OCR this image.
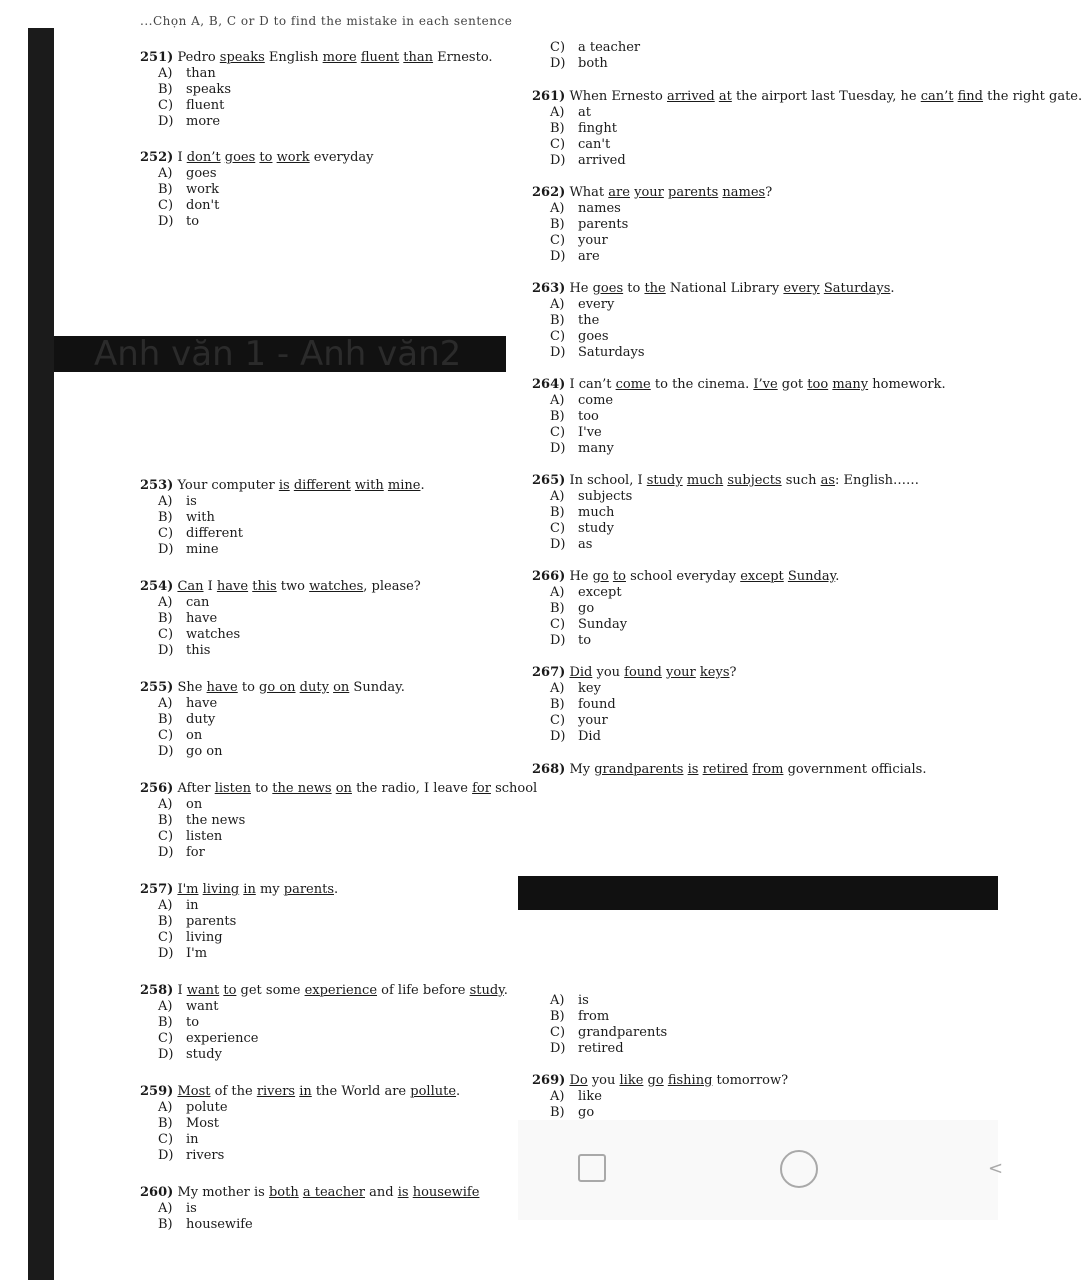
...Chọn A, B, C or D to find the mistake in each sentence
Anh văn 1 - Anh văn2
251) Pedro speaks English more fluent than Ernesto.
A) than
B) speaks
C) fluent
D) more
252) I don’t goes to work everyday
A) goes
B) work
C) don't
D) to
253) Your computer is different with mine.
A) is
B) with
C) different
D) mine
254) Can I have this two watches, please?
A) can
B) have
C) watches
D) this
255) She have to go on duty on Sunday.
A) have
B) duty
C) on
D) go on
256) After listen to the news on the radio, I leave for school
A) on
B) the news
C) listen
D) for
257) I'm living in my parents.
A) in
B) parents
C) living
D) I'm
258) I want to get some experience of life before study.
A) want
B) to
C) experience
D) study
259) Most of the rivers in the World are pollute.
A) polute
B) Most
C) in
D) rivers
260) My mother is both a teacher and is housewife
A) is
B) housewife
C) a teacher
D) both
261) When Ernesto arrived at the airport last Tuesday, he can’t find the right gate.
A) at
B) finght
C) can't
D) arrived
262) What are your parents names?
A) names
B) parents
C) your
D) are
263) He goes to the National Library every Saturdays.
A) every
B) the
C) goes
D) Saturdays
264) I can’t come to the cinema. I’ve got too many homework.
A) come
B) too
C) I've
D) many
265) In school, I study much subjects such as: English……
A) subjects
B) much
C) study
D) as
266) He go to school everyday except Sunday.
A) except
B) go
C) Sunday
D) to
267) Did you found your keys?
A) key
B) found
C) your
D) Did
268) My grandparents is retired from government officials.
A) is
B) from
C) grandparents
D) retired
269) Do you like go fishing tomorrow?
A) like
B) go
<
